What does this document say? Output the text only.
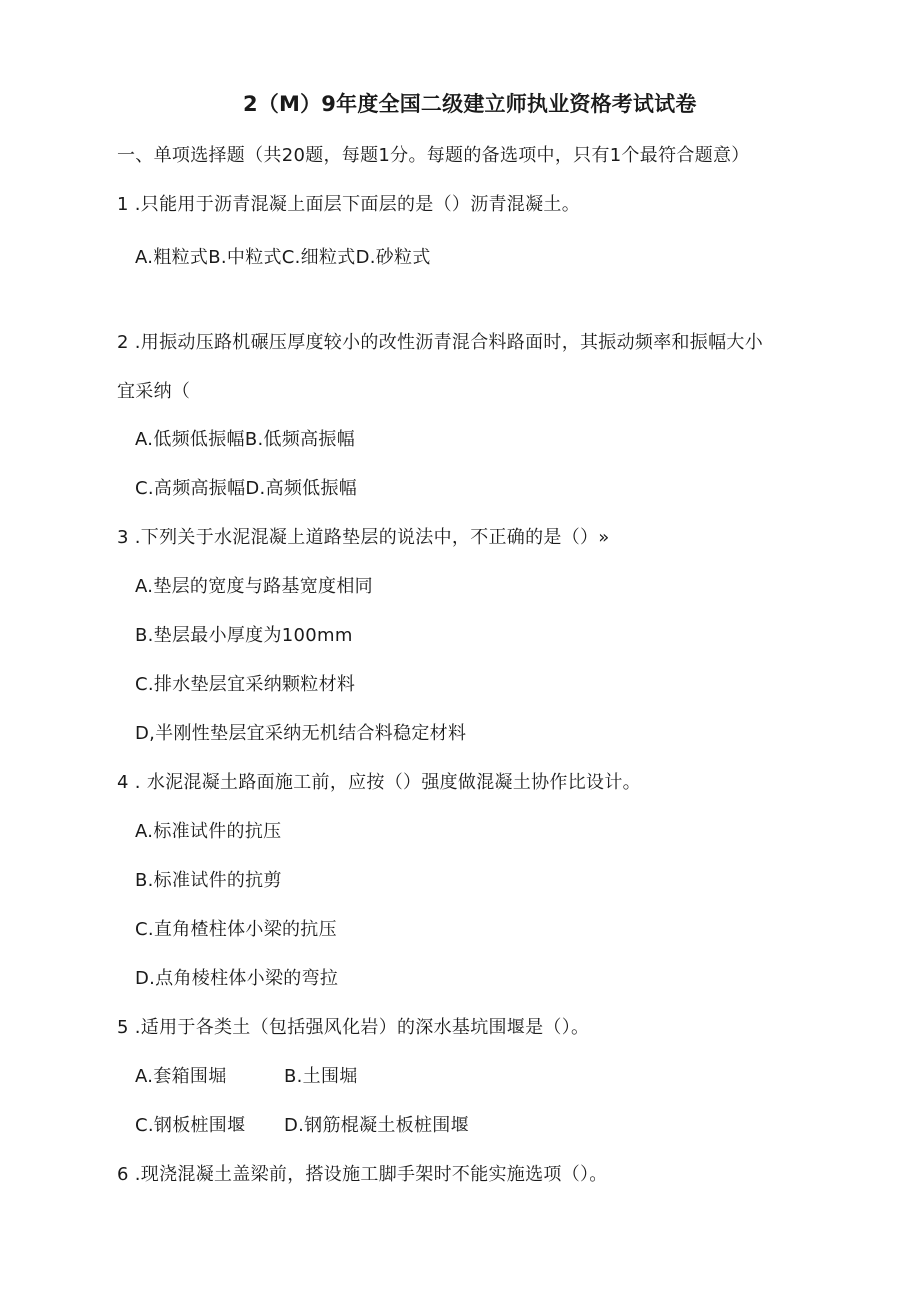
2（M）9年度全国二级建立师执业资格考试试卷
一、单项选择题（共20题，每题1分。每题的备选项中，只有1个最符合题意）
1 .只能用于沥青混凝上面层下面层的是（）沥青混凝土。
A.粗粒式B.中粒式C.细粒式D.砂粒式
2 .用振动压路机碾压厚度较小的改性沥青混合料路面时，其振动频率和振幅大小
宜采纳（
A.低频低振幅B.低频高振幅
C.高频高振幅D.高频低振幅
3 .下列关于水泥混凝上道路垫层的说法中，不正确的是（）»
A.垫层的宽度与路基宽度相同
B.垫层最小厚度为100mm
C.排水垫层宜采纳颗粒材料
D,半刚性垫层宜采纳无机结合料稳定材料
4 . 水泥混凝土路面施工前，应按（）强度做混凝土协作比设计。
A.标准试件的抗压
B.标准试件的抗剪
C.直角楂柱体小梁的抗压
D.点角棱柱体小梁的弯拉
5 .适用于各类土（包括强风化岩）的深水基坑围堰是（）。
A.套箱围堀	B.土围堀
C.钢板桩围堰 D.钢筋棍凝土板桩围堰
6 .现浇混凝土盖梁前，搭设施工脚手架时不能实施选项（）。
